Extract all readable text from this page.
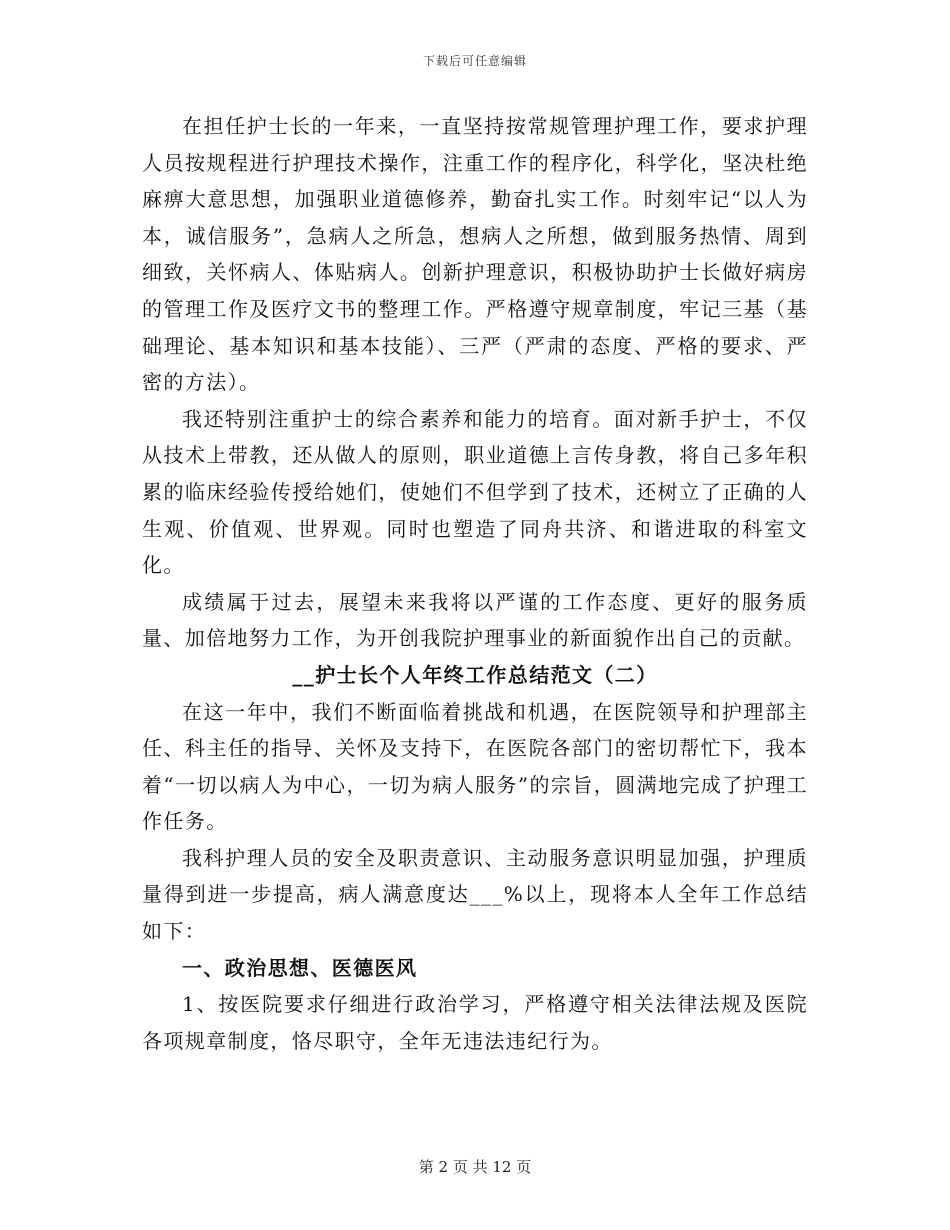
下载后可任意编辑

在担任护士长的一年来，一直坚持按常规管理护理工作，要求护理人员按规程进行护理技术操作，注重工作的程序化，科学化，坚决杜绝麻痹大意思想，加强职业道德修养，勤奋扎实工作。时刻牢记“以人为本，诚信服务”，急病人之所急，想病人之所想，做到服务热情、周到细致，关怀病人、体贴病人。创新护理意识，积极协助护士长做好病房的管理工作及医疗文书的整理工作。严格遵守规章制度，牢记三基（基础理论、基本知识和基本技能）、三严（严肃的态度、严格的要求、严密的方法）。

我还特别注重护士的综合素养和能力的培育。面对新手护士，不仅从技术上带教，还从做人的原则，职业道德上言传身教，将自己多年积累的临床经验传授给她们，使她们不但学到了技术，还树立了正确的人生观、价值观、世界观。同时也塑造了同舟共济、和谐进取的科室文化。

成绩属于过去，展望未来我将以严谨的工作态度、更好的服务质量、加倍地努力工作，为开创我院护理事业的新面貌作出自己的贡献。

__护士长个人年终工作总结范文（二）

在这一年中，我们不断面临着挑战和机遇，在医院领导和护理部主任、科主任的指导、关怀及支持下，在医院各部门的密切帮忙下，我本着“一切以病人为中心，一切为病人服务”的宗旨，圆满地完成了护理工作任务。

我科护理人员的安全及职责意识、主动服务意识明显加强，护理质量得到进一步提高，病人满意度达___%以上，现将本人全年工作总结如下：

一、政治思想、医德医风

1、按医院要求仔细进行政治学习，严格遵守相关法律法规及医院各项规章制度，恪尽职守，全年无违法违纪行为。

第 2 页 共 12 页
